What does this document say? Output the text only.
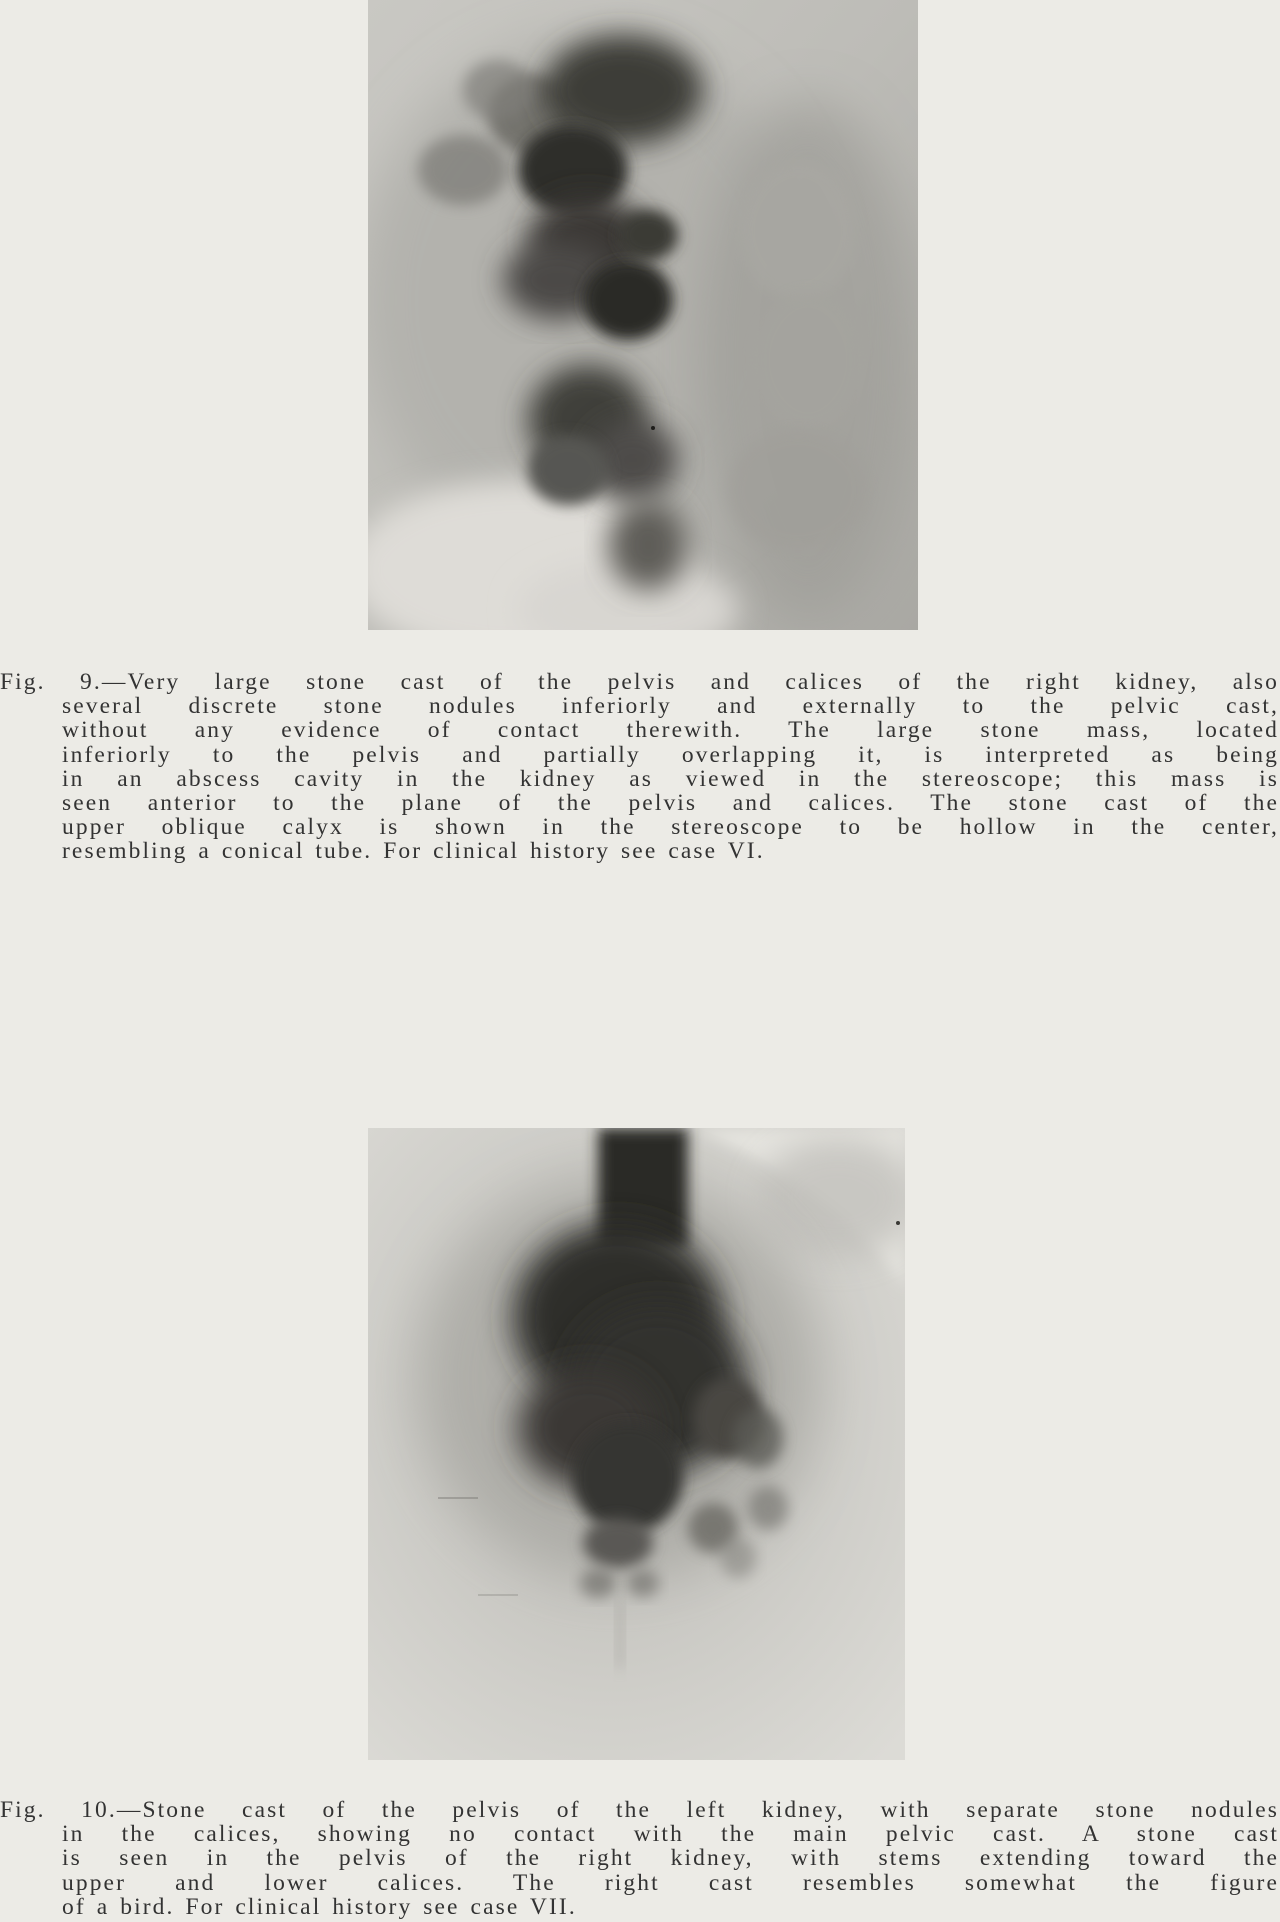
Fig. 9.—Very large stone cast of the pelvis and calices of the right kidney, also
several discrete stone nodules inferiorly and externally to the pelvic cast,
without any evidence of contact therewith. The large stone mass, located
inferiorly to the pelvis and partially overlapping it, is interpreted as being
in an abscess cavity in the kidney as viewed in the stereoscope; this mass is
seen anterior to the plane of the pelvis and calices. The stone cast of the
upper oblique calyx is shown in the stereoscope to be hollow in the center,
resembling a conical tube. For clinical history see case VI.

Fig. 10.—Stone cast of the pelvis of the left kidney, with separate stone nodules
in the calices, showing no contact with the main pelvic cast. A stone cast
is seen in the pelvis of the right kidney, with stems extending toward the
upper and lower calices. The right cast resembles somewhat the figure
of a bird. For clinical history see case VII.
